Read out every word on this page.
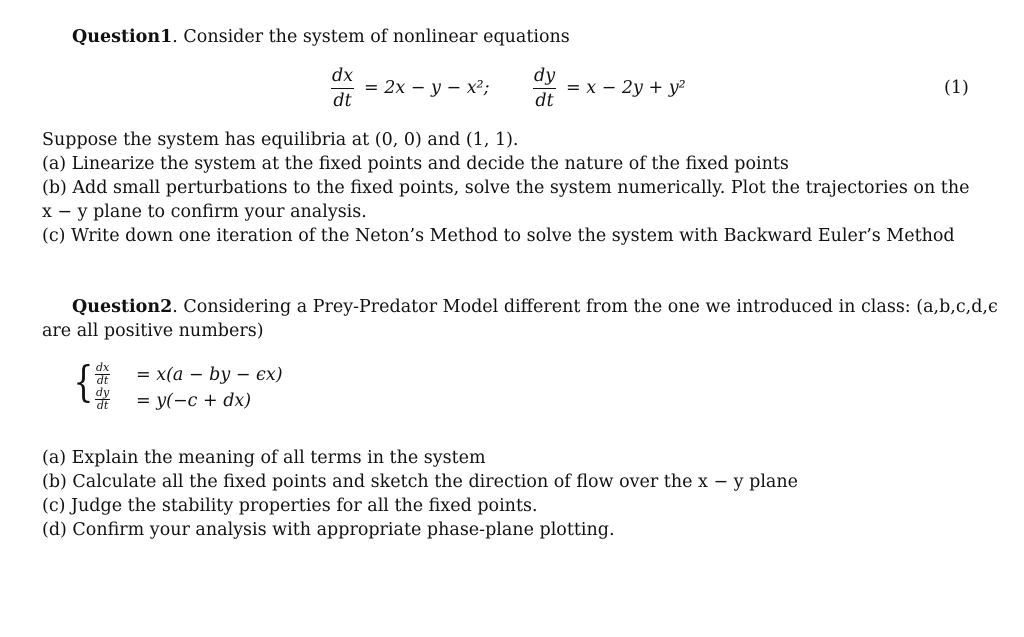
Question1. Consider the system of nonlinear equations
$\frac{dx}{dt} = 2x - y - x^2$; $\frac{dy}{dt} = x - 2y + y^2$	(1)
Suppose the system has equilibria at (0, 0) and (1, 1).
(a) Linearize the system at the fixed points and decide the nature of the fixed points
(b) Add small perturbations to the fixed points, solve the system numerically. Plot the trajectories on the
x − y plane to confirm your analysis.
(c) Write down one iteration of the Neton’s Method to solve the system with Backward Euler’s Method
Question2. Considering a Prey-Predator Model different from the one we introduced in class: (a,b,c,d,ϵ
are all positive numbers)
{ $\frac{dx}{dt} = x(a$ − by − ϵx)
$\frac{dy}{dt} = y(-c + dx)$
(a) Explain the meaning of all terms in the system
(b) Calculate all the fixed points and sketch the direction of flow over the x − y plane
(c) Judge the stability properties for all the fixed points.
(d) Confirm your analysis with appropriate phase-plane plotting.
